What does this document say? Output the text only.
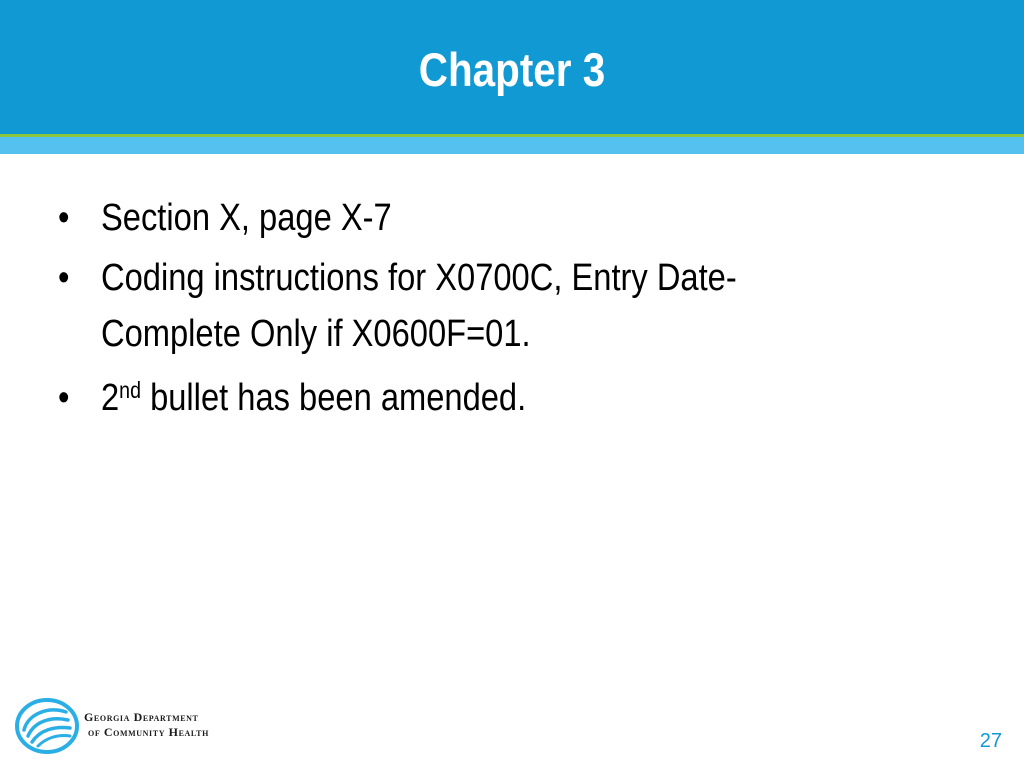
Chapter 3
• Section X, page X-7
• Coding instructions for X0700C, Entry Date-
Complete Only if X0600F=01.
• 2nd bullet has been amended.
Georgia Department
of Community Health	27
